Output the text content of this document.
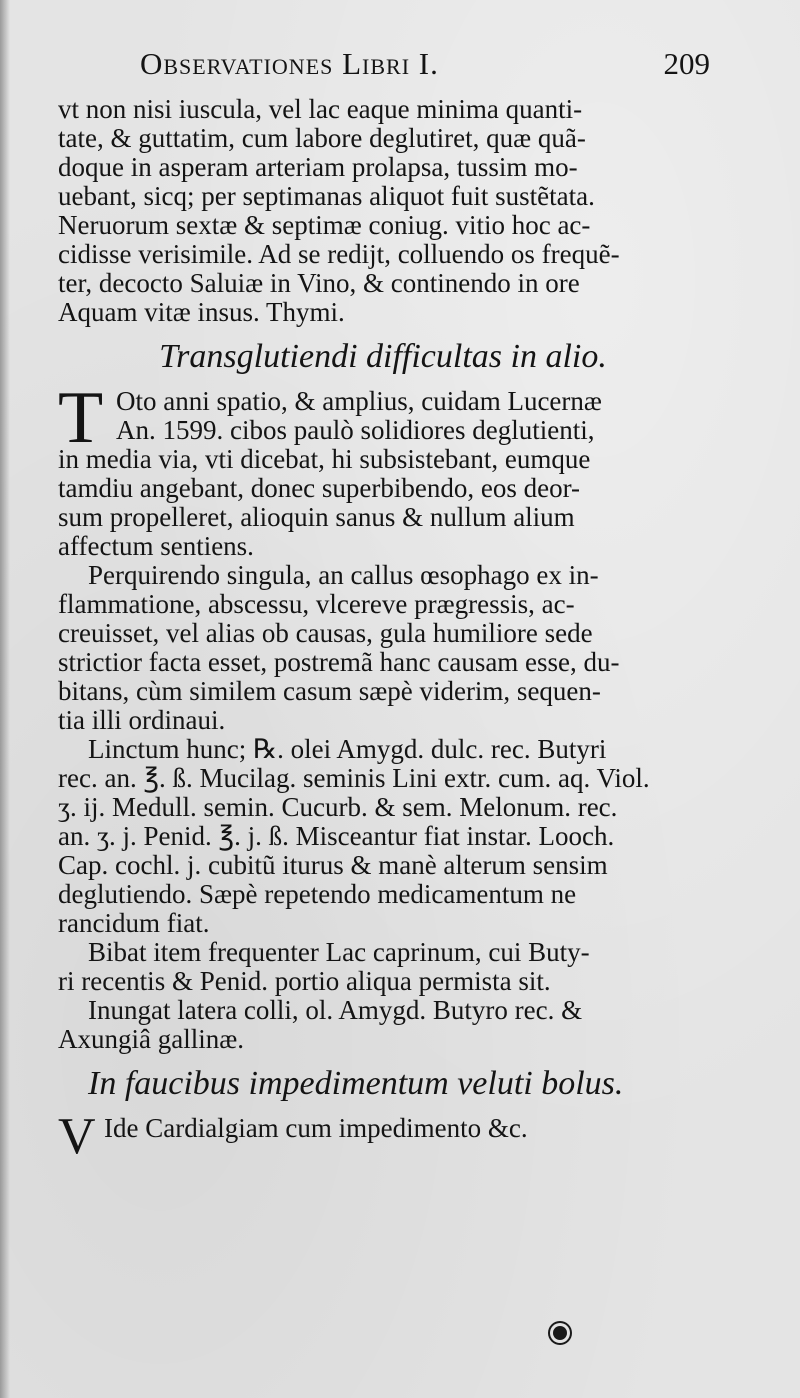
Observationes Libri I.	209
vt non nisi iuscula, vel lac eaque minima quanti-
tate, & guttatim, cum labore deglutiret, quæ quã-
doque in asperam arteriam prolapsa, tussim mo-
uebant, sicq; per septimanas aliquot fuit sustẽtata.
Neruorum sextæ & septimæ coniug. vitio hoc ac-
cidisse verisimile. Ad se redijt, colluendo os frequẽ-
ter, decocto Saluiæ in Vino, & continendo in ore
Aquam vitæ insus. Thymi.
Transglutiendi difficultas in alio.
T Oto anni spatio, & amplius, cuidam Lucernæ
An. 1599. cibos paulò solidiores deglutienti,
in media via, vti dicebat, hi subsistebant, eumque
tamdiu angebant, donec superbibendo, eos deor-
sum propelleret, alioquin sanus & nullum alium
affectum sentiens.
Perquirendo singula, an callus œsophago ex in-
flammatione, abscessu, vlcereve prægressis, ac-
creuisset, vel alias ob causas, gula humiliore sede
strictior facta esset, postremã hanc causam esse, du-
bitans, cùm similem casum sæpè viderim, sequen-
tia illi ordinaui.
Linctum hunc; ℞. olei Amygd. dulc. rec. Butyri
rec. an. ℥. ß. Mucilag. seminis Lini extr. cum. aq. Viol.
ʒ. ij. Medull. semin. Cucurb. & sem. Melonum. rec.
an. ʒ. j. Penid. ℥. j. ß. Misceantur fiat instar. Looch.
Cap. cochl. j. cubitũ iturus & manè alterum sensim
deglutiendo. Sæpè repetendo medicamentum ne
rancidum fiat.
Bibat item frequenter Lac caprinum, cui Buty-
ri recentis & Penid. portio aliqua permista sit.
Inungat latera colli, ol. Amygd. Butyro rec. &
Axungiâ gallinæ.
In faucibus impedimentum veluti bolus.
V Ide Cardialgiam cum impedimento &c.
